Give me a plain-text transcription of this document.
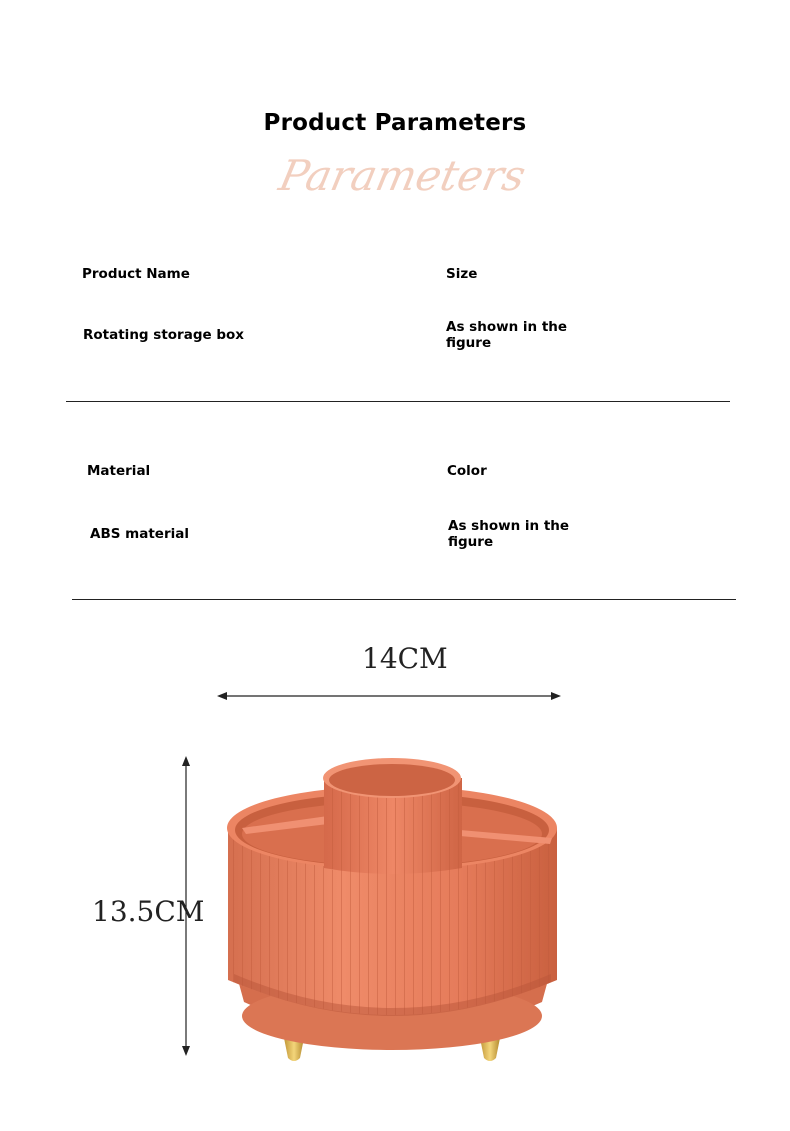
Product Parameters
Parameters
Product Name
Rotating storage box
Size
As shown in the figure
Material
ABS material
Color
As shown in the figure
14CM
13.5CM
